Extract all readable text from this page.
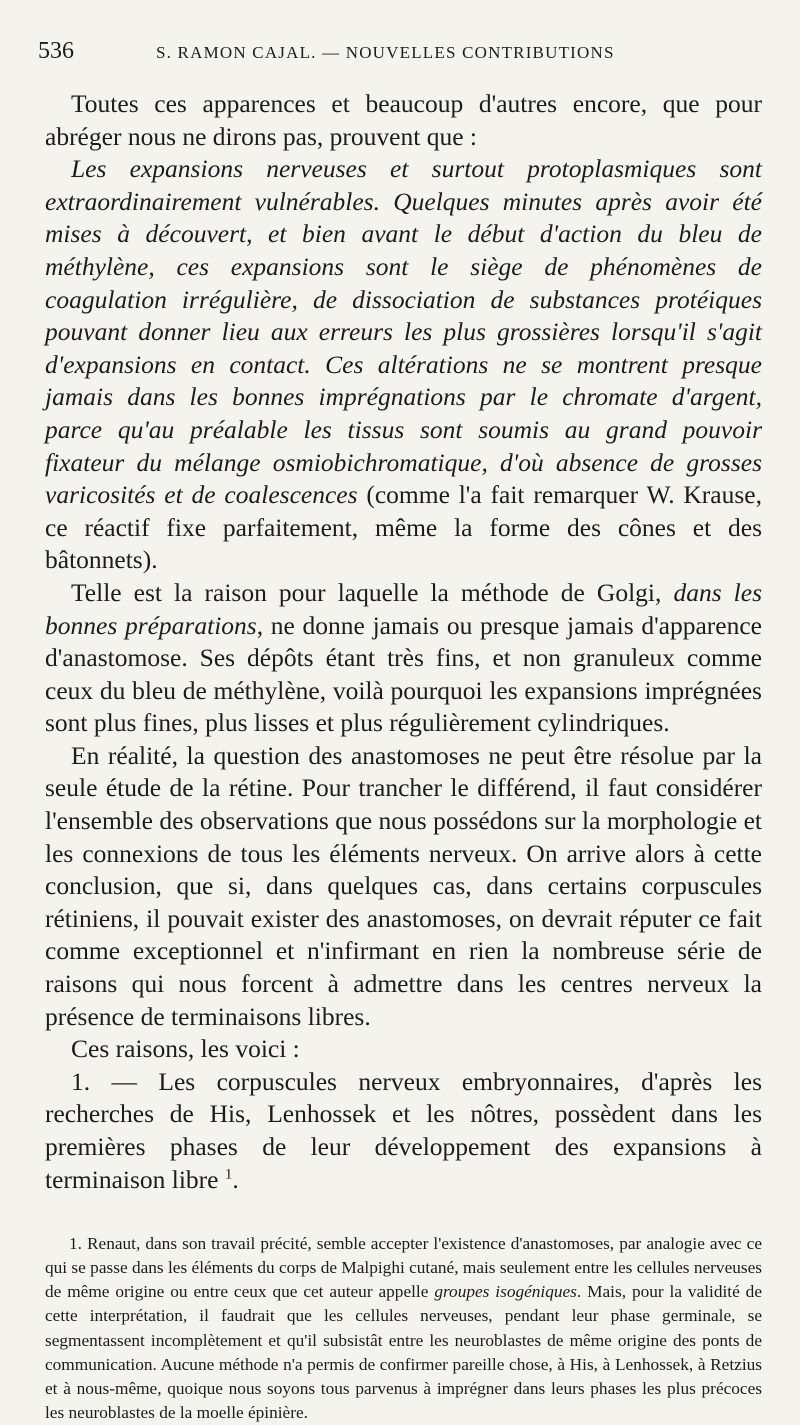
536	S. RAMON CAJAL. — NOUVELLES CONTRIBUTIONS

Toutes ces apparences et beaucoup d'autres encore, que pour abréger nous ne dirons pas, prouvent que :

Les expansions nerveuses et surtout protoplasmiques sont extraordinairement vulnérables. Quelques minutes après avoir été mises à découvert, et bien avant le début d'action du bleu de méthylène, ces expansions sont le siège de phénomènes de coagulation irrégulière, de dissociation de substances protéiques pouvant donner lieu aux erreurs les plus grossières lorsqu'il s'agit d'expansions en contact. Ces altérations ne se montrent presque jamais dans les bonnes imprégnations par le chromate d'argent, parce qu'au préalable les tissus sont soumis au grand pouvoir fixateur du mélange osmiobichromatique, d'où absence de grosses varicosités et de coalescences (comme l'a fait remarquer W. Krause, ce réactif fixe parfaitement, même la forme des cônes et des bâtonnets).

Telle est la raison pour laquelle la méthode de Golgi, dans les bonnes préparations, ne donne jamais ou presque jamais d'apparence d'anastomose. Ses dépôts étant très fins, et non granuleux comme ceux du bleu de méthylène, voilà pourquoi les expansions imprégnées sont plus fines, plus lisses et plus régulièrement cylindriques.

En réalité, la question des anastomoses ne peut être résolue par la seule étude de la rétine. Pour trancher le différend, il faut considérer l'ensemble des observations que nous possédons sur la morphologie et les connexions de tous les éléments nerveux. On arrive alors à cette conclusion, que si, dans quelques cas, dans certains corpuscules rétiniens, il pouvait exister des anastomoses, on devrait réputer ce fait comme exceptionnel et n'infirmant en rien la nombreuse série de raisons qui nous forcent à admettre dans les centres nerveux la présence de terminaisons libres.

Ces raisons, les voici :

1. — Les corpuscules nerveux embryonnaires, d'après les recherches de His, Lenhossek et les nôtres, possèdent dans les premières phases de leur développement des expansions à terminaison libre $^1$.

1. Renaut, dans son travail précité, semble accepter l'existence d'anastomoses, par analogie avec ce qui se passe dans les éléments du corps de Malpighi cutané, mais seulement entre les cellules nerveuses de même origine ou entre ceux que cet auteur appelle groupes isogéniques. Mais, pour la validité de cette interprétation, il faudrait que les cellules nerveuses, pendant leur phase germinale, se segmentassent incomplètement et qu'il subsistât entre les neuroblastes de même origine des ponts de communication. Aucune méthode n'a permis de confirmer pareille chose, à His, à Lenhossek, à Retzius et à nous-même, quoique nous soyons tous parvenus à imprégner dans leurs phases les plus précoces les neuroblastes de la moelle épinière.
